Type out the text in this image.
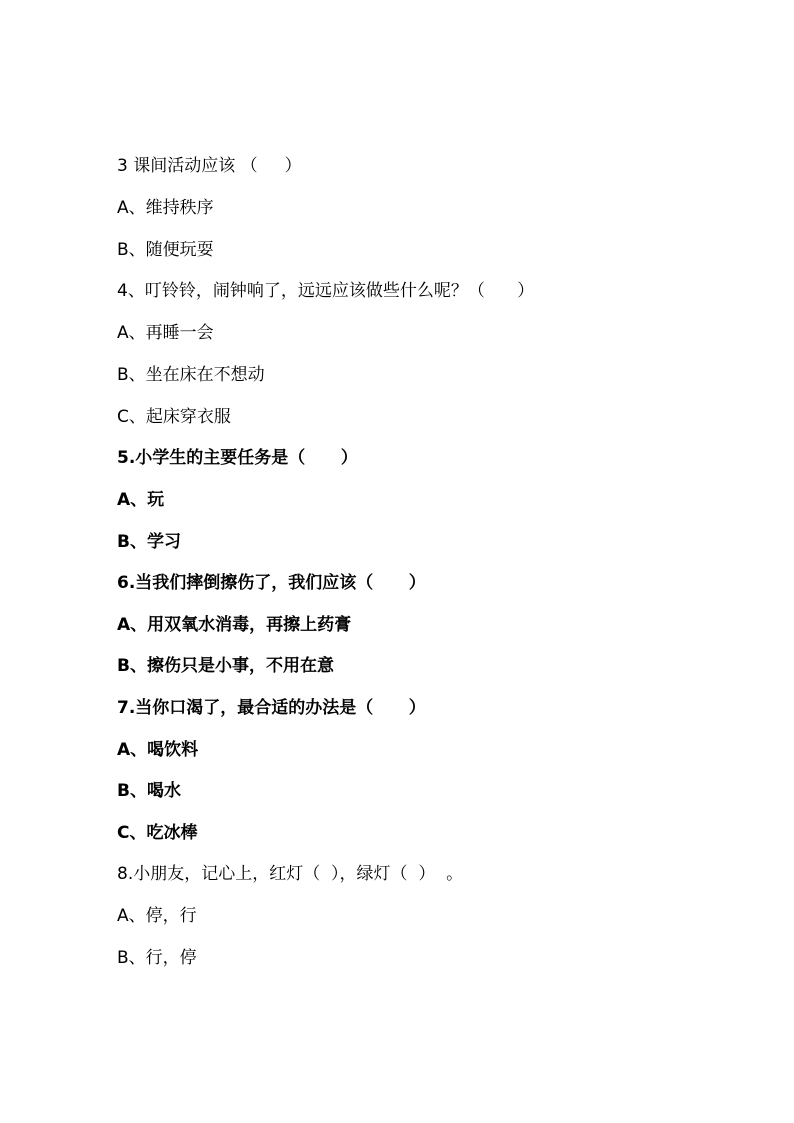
3 课间活动应该 （     ）
A、维持秩序
B、随便玩耍
4、叮铃铃，闹钟响了，远远应该做些什么呢？（      ）
A、再睡一会
B、坐在床在不想动
C、起床穿衣服
5.小学生的主要任务是（      ）
A、玩
B、学习
6.当我们摔倒擦伤了，我们应该（      ）
A、用双氧水消毒，再擦上药膏
B、擦伤只是小事，不用在意
7.当你口渴了，最合适的办法是（      ）
A、喝饮料
B、喝水
C、吃冰棒
8.小朋友，记心上，红灯（  ），绿灯（  ）  。
A、停，行
B、行，停
